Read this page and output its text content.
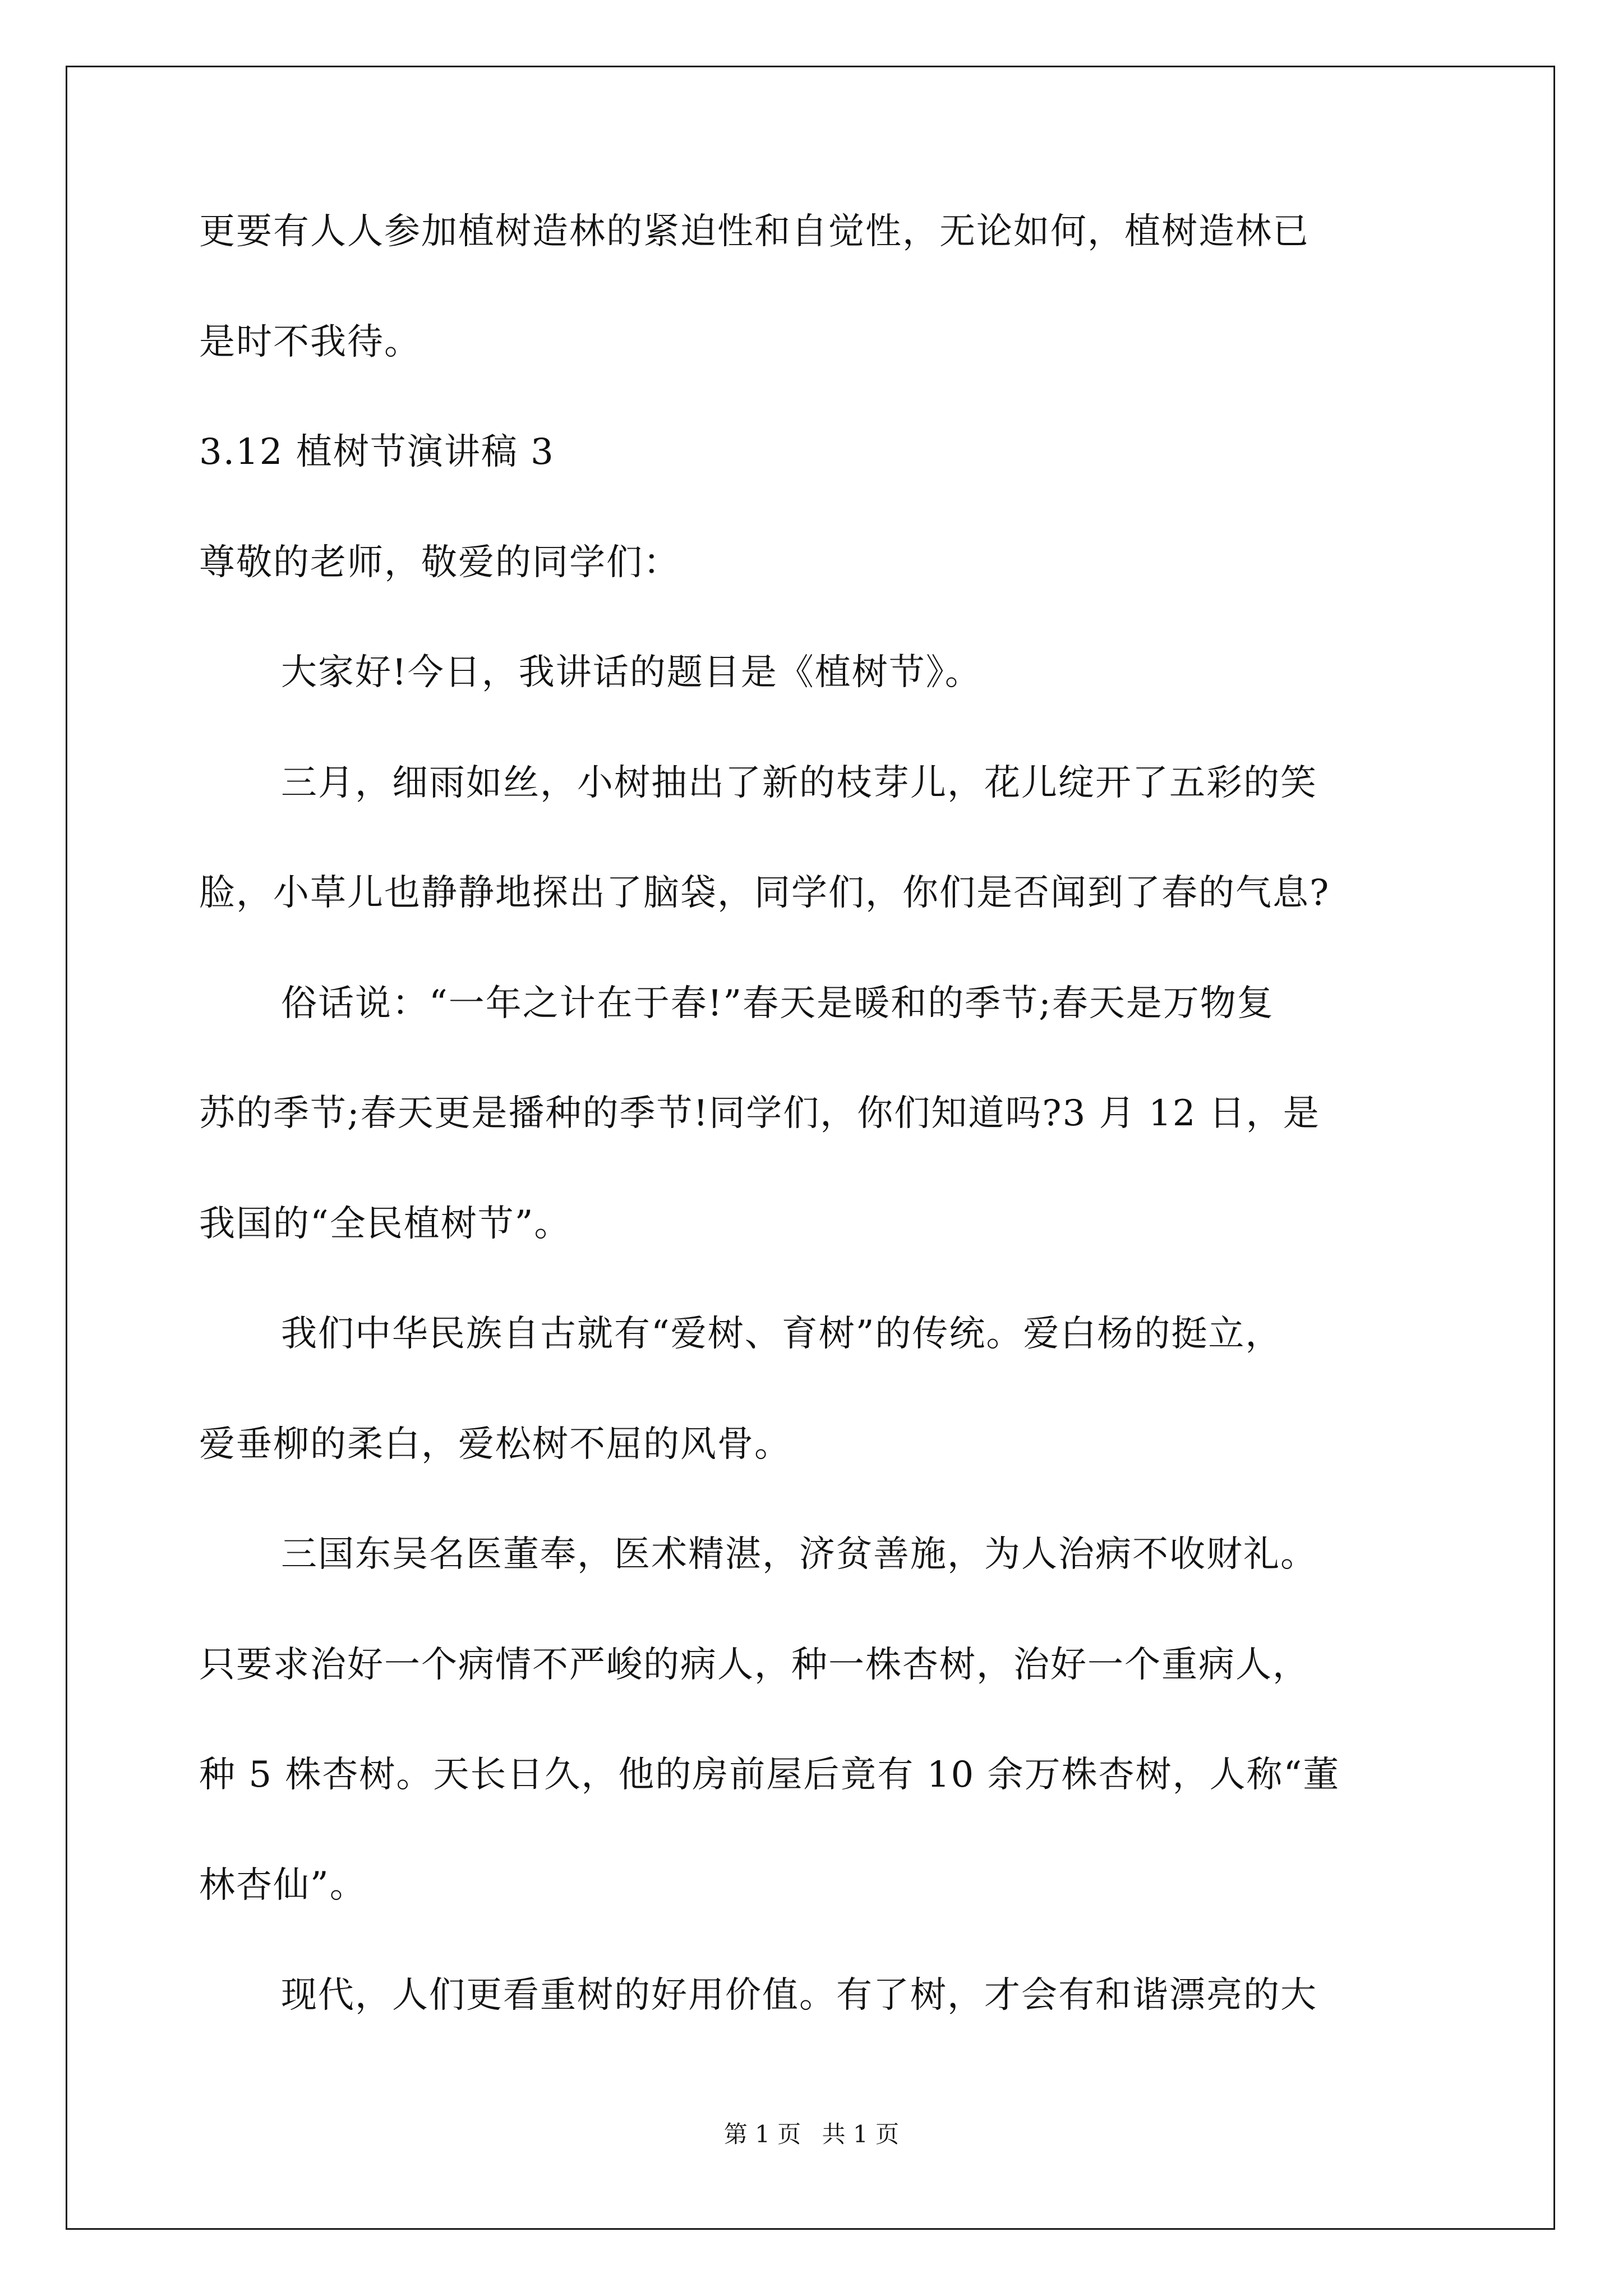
更要有人人参加植树造林的紧迫性和自觉性，无论如何，植树造林已
是时不我待。
3.12 植树节演讲稿 3
尊敬的老师，敬爱的同学们：
大家好!今日，我讲话的题目是《植树节》。
三月，细雨如丝，小树抽出了新的枝芽儿，花儿绽开了五彩的笑
脸，小草儿也静静地探出了脑袋，同学们，你们是否闻到了春的气息?
俗话说：“一年之计在于春!”春天是暖和的季节;春天是万物复
苏的季节;春天更是播种的季节!同学们，你们知道吗?3 月 12 日，是
我国的“全民植树节”。
我们中华民族自古就有“爱树、育树”的传统。爱白杨的挺立，
爱垂柳的柔白，爱松树不屈的风骨。
三国东吴名医董奉，医术精湛，济贫善施，为人治病不收财礼。
只要求治好一个病情不严峻的病人，种一株杏树，治好一个重病人，
种 5 株杏树。天长日久，他的房前屋后竟有 10 余万株杏树，人称“董
林杏仙”。
现代，人们更看重树的好用价值。有了树，才会有和谐漂亮的大
第 1 页 共 1 页
